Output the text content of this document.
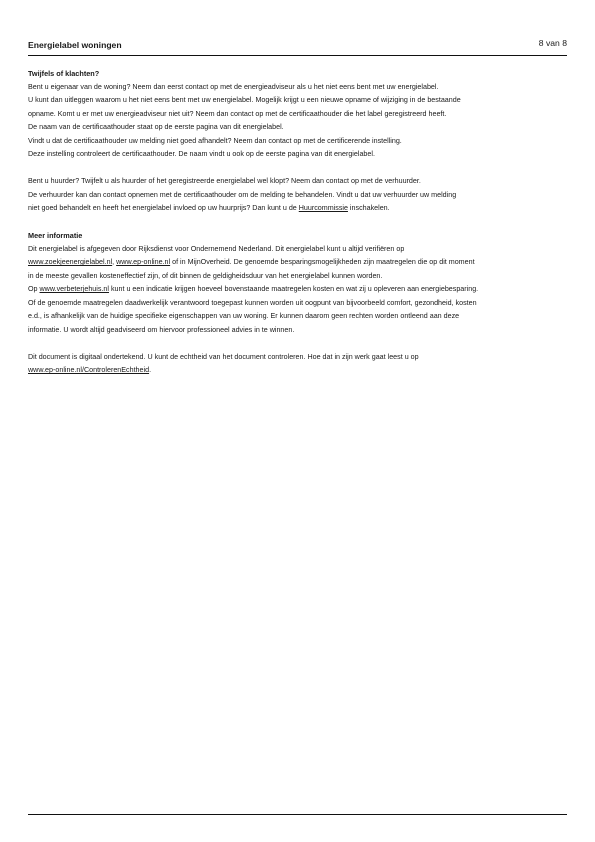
Energielabel woningen	8 van 8
Twijfels of klachten?
Bent u eigenaar van de woning? Neem dan eerst contact op met de energieadviseur als u het niet eens bent met uw energielabel.
U kunt dan uitleggen waarom u het niet eens bent met uw energielabel. Mogelijk krijgt u een nieuwe opname of wijziging in de bestaande
opname. Komt u er met uw energieadviseur niet uit? Neem dan contact op met de certificaathouder die het label geregistreerd heeft.
De naam van de certificaathouder staat op de eerste pagina van dit energielabel.
Vindt u dat de certificaathouder uw melding niet goed afhandelt? Neem dan contact op met de certificerende instelling.
Deze instelling controleert de certificaathouder. De naam vindt u ook op de eerste pagina van dit energielabel.
Bent u huurder? Twijfelt u als huurder of het geregistreerde energielabel wel klopt? Neem dan contact op met de verhuurder.
De verhuurder kan dan contact opnemen met de certificaathouder om de melding te behandelen. Vindt u dat uw verhuurder uw melding
niet goed behandelt en heeft het energielabel invloed op uw huurprijs? Dan kunt u de Huurcommissie inschakelen.
Meer informatie
Dit energielabel is afgegeven door Rijksdienst voor Ondernemend Nederland. Dit energielabel kunt u altijd verifiëren op
www.zoekjeenergielabel.nl, www.ep-online.nl of in MijnOverheid. De genoemde besparingsmogelijkheden zijn maatregelen die op dit moment
in de meeste gevallen kosteneffectief zijn, of dit binnen de geldigheidsduur van het energielabel kunnen worden.
Op www.verbeterjehuis.nl kunt u een indicatie krijgen hoeveel bovenstaande maatregelen kosten en wat zij u opleveren aan energiebesparing.
Of de genoemde maatregelen daadwerkelijk verantwoord toegepast kunnen worden uit oogpunt van bijvoorbeeld comfort, gezondheid, kosten
e.d., is afhankelijk van de huidige specifieke eigenschappen van uw woning. Er kunnen daarom geen rechten worden ontleend aan deze
informatie. U wordt altijd geadviseerd om hiervoor professioneel advies in te winnen.
Dit document is digitaal ondertekend. U kunt de echtheid van het document controleren. Hoe dat in zijn werk gaat leest u op
www.ep-online.nl/ControlerenEchtheid.
